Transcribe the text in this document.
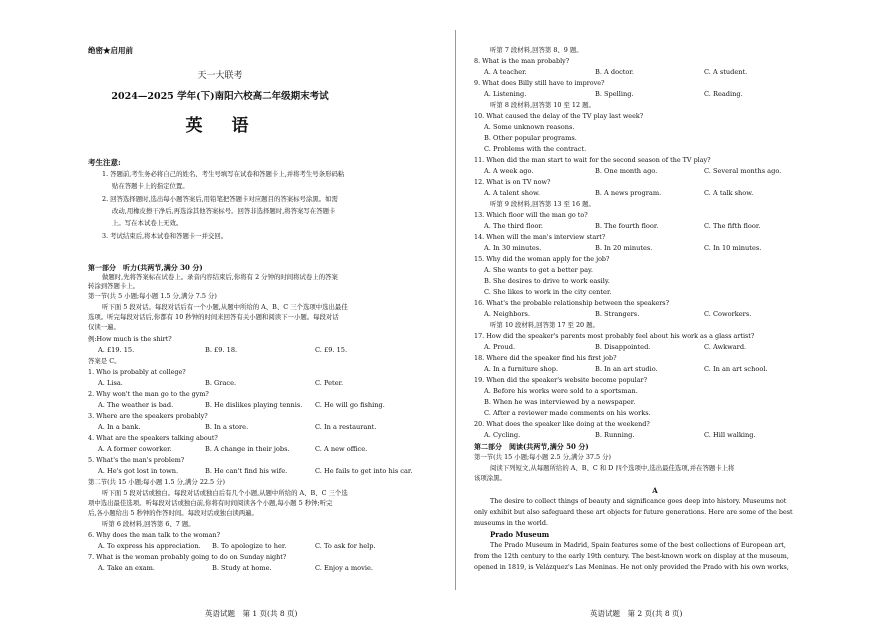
绝密★启用前
天一大联考
2024—2025 学年(下)南阳六校高二年级期末考试
英　语
考生注意:
1. 答题前,考生务必将自己的姓名、考生号填写在试卷和答题卡上,并将考生号条形码粘
贴在答题卡上的指定位置。
2. 回答选择题时,选出每小题答案后,用铅笔把答题卡对应题目的答案标号涂黑。如需
改动,用橡皮擦干净后,再选涂其他答案标号。回答非选择题时,将答案写在答题卡
上。写在本试卷上无效。
3. 考试结束后,将本试卷和答题卡一并交回。
第一部分　听力(共两节,满分 30 分)
做题时,先将答案标在试卷上。录音内容结束后,你将有 2 分钟的时间将试卷上的答案
转涂到答题卡上。
第一节(共 5 小题;每小题 1.5 分,满分 7.5 分)
听下面 5 段对话。每段对话后有一个小题,从题中所给的 A、B、C 三个选项中选出最佳
选项。听完每段对话后,你都有 10 秒钟的时间来回答有关小题和阅读下一小题。每段对话
仅读一遍。
例:How much is the shirt?
A. £19. 15.	B. £9. 18.	C. £9. 15.
答案是 C。
1. Who is probably at college?
A. Lisa.	B. Grace.	C. Peter.
2. Why won't the man go to the gym?
A. The weather is bad.	B. He dislikes playing tennis. C. He will go fishing.
3. Where are the speakers probably?
A. In a bank.	B. In a store.	C. In a restaurant.
4. What are the speakers talking about?
A. A former coworker.	B. A change in their jobs.	C. A new office.
5. What's the man's problem?
A. He's got lost in town.	B. He can't find his wife.	C. He fails to get into his car.
第二节(共 15 小题;每小题 1.5 分,满分 22.5 分)
听下面 5 段对话或独白。每段对话或独白后有几个小题,从题中所给的 A、B、C 三个选
项中选出最佳选项。听每段对话或独白前,你将有时间阅读各个小题,每小题 5 秒钟;听完
后,各小题给出 5 秒钟的作答时间。每段对话或独白读两遍。
听第 6 段材料,回答第 6、7 题。
6. Why does the man talk to the woman?
A. To express his appreciation. B. To apologize to her.	C. To ask for help.
7. What is the woman probably going to do on Sunday night?
A. Take an exam.	B. Study at home.	C. Enjoy a movie.
英语试题　第 1 页(共 8 页)
听第 7 段材料,回答第 8、9 题。
8. What is the man probably?
A. A teacher.	B. A doctor.	C. A student.
9. What does Billy still have to improve?
A. Listening.	B. Spelling.	C. Reading.
听第 8 段材料,回答第 10 至 12 题。
10. What caused the delay of the TV play last week?
A. Some unknown reasons.
B. Other popular programs.
C. Problems with the contract.
11. When did the man start to wait for the second season of the TV play?
A. A week ago.	B. One month ago.	C. Several months ago.
12. What is on TV now?
A. A talent show.	B. A news program.	C. A talk show.
听第 9 段材料,回答第 13 至 16 题。
13. Which floor will the man go to?
A. The third floor.	B. The fourth floor.	C. The fifth floor.
14. When will the man's interview start?
A. In 30 minutes.	B. In 20 minutes.	C. In 10 minutes.
15. Why did the woman apply for the job?
A. She wants to get a better pay.
B. She desires to drive to work easily.
C. She likes to work in the city center.
16. What's the probable relationship between the speakers?
A. Neighbors.	B. Strangers.	C. Coworkers.
听第 10 段材料,回答第 17 至 20 题。
17. How did the speaker's parents most probably feel about his work as a glass artist?
A. Proud.	B. Disappointed.	C. Awkward.
18. Where did the speaker find his first job?
A. In a furniture shop.	B. In an art studio.	C. In an art school.
19. When did the speaker's website become popular?
A. Before his works were sold to a sportsman.
B. When he was interviewed by a newspaper.
C. After a reviewer made comments on his works.
20. What does the speaker like doing at the weekend?
A. Cycling.	B. Running.	C. Hill walking.
第二部分　阅读(共两节,满分 50 分)
第一节(共 15 小题;每小题 2.5 分,满分 37.5 分)
阅读下列短文,从每题所给的 A、B、C 和 D 四个选项中,选出最佳选项,并在答题卡上将
该项涂黑。
A
The desire to collect things of beauty and significance goes deep into history. Museums not
only exhibit but also safeguard these art objects for future generations. Here are some of the best
museums in the world.
Prado Museum
The Prado Museum in Madrid, Spain features some of the best collections of European art,
from the 12th century to the early 19th century. The best-known work on display at the museum,
opened in 1819, is Velázquez's Las Meninas. He not only provided the Prado with his own works,
英语试题　第 2 页(共 8 页)
